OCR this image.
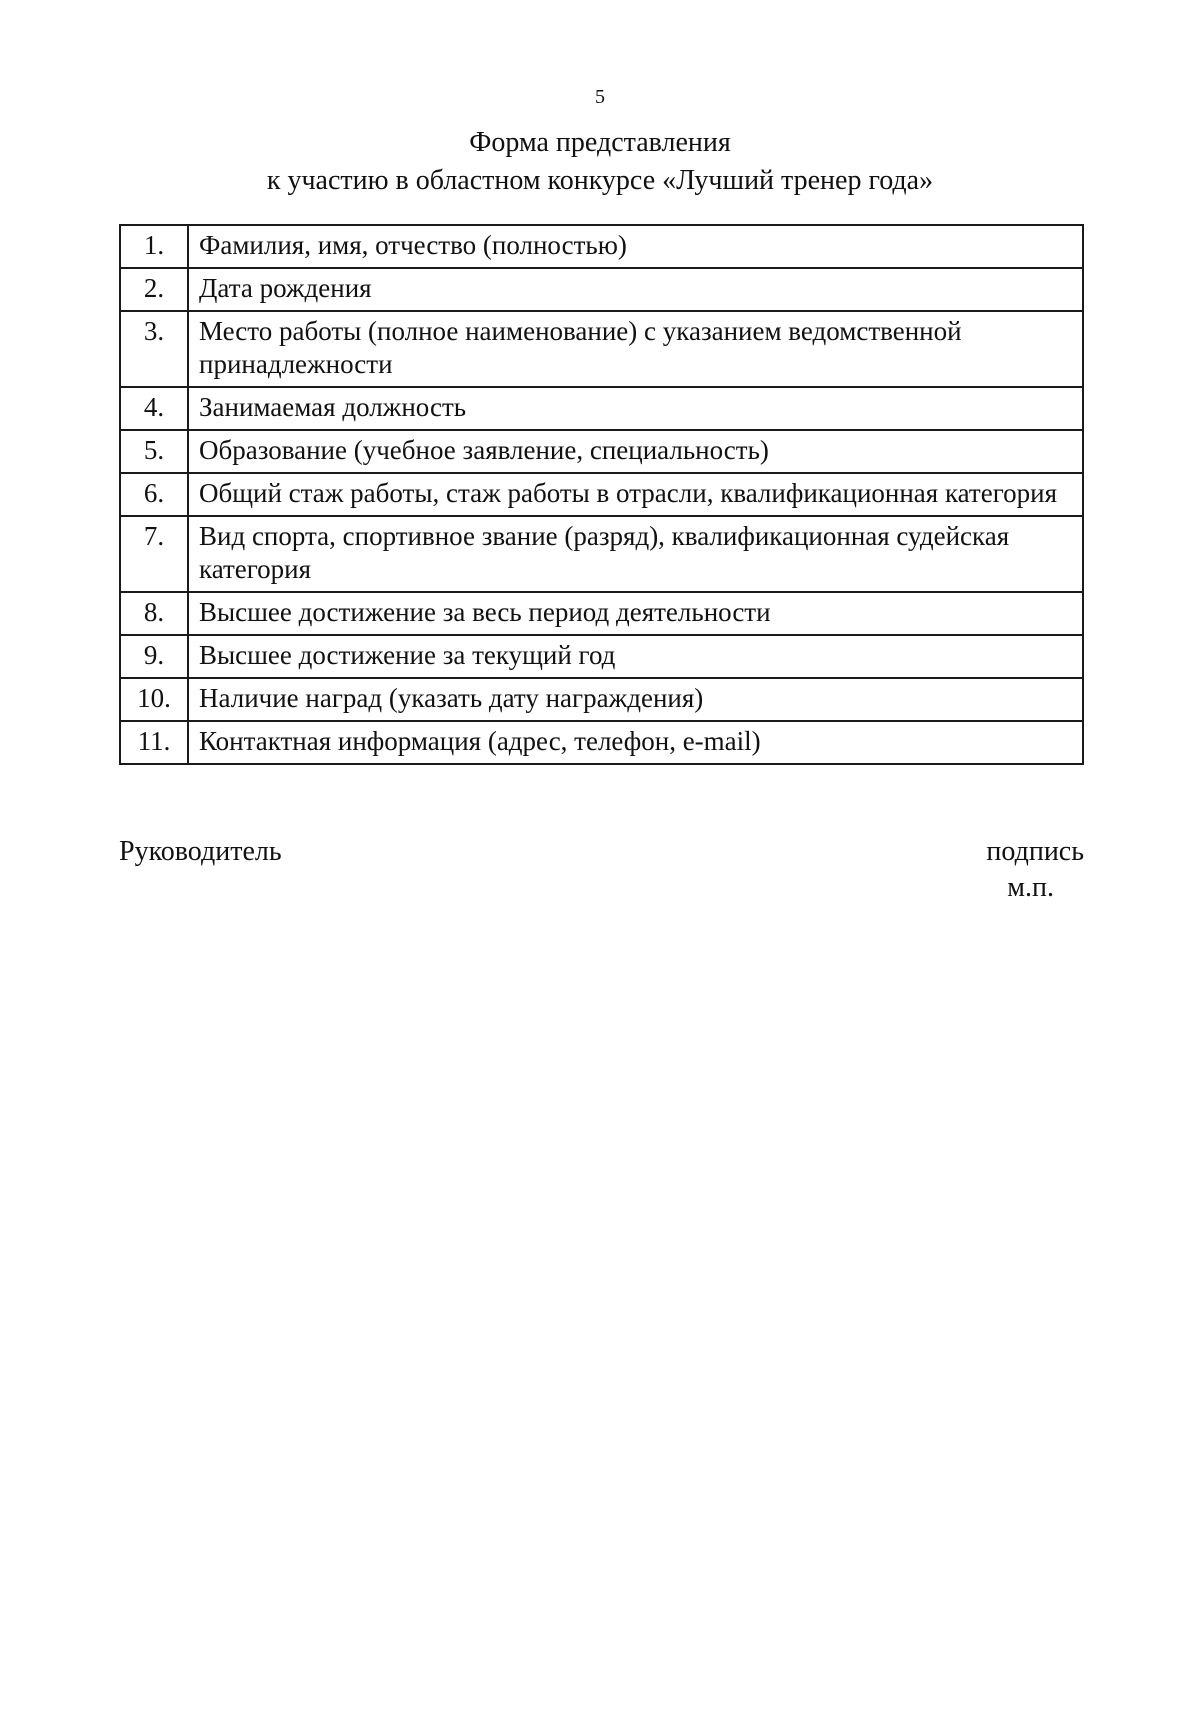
5
Форма представления
к участию в областном конкурсе «Лучший тренер года»
1.	Фамилия, имя, отчество (полностью)
2.	Дата рождения
3.	Место работы (полное наименование) с указанием ведомственной принадлежности
4.	Занимаемая должность
5.	Образование (учебное заявление, специальность)
6.	Общий стаж работы, стаж работы в отрасли, квалификационная категория
7.	Вид спорта, спортивное звание (разряд), квалификационная судейская категория
8.	Высшее достижение за весь период деятельности
9.	Высшее достижение за текущий год
10.	Наличие наград (указать дату награждения)
11.	Контактная информация (адрес, телефон, e-mail)
Руководитель	подпись
м.п.
